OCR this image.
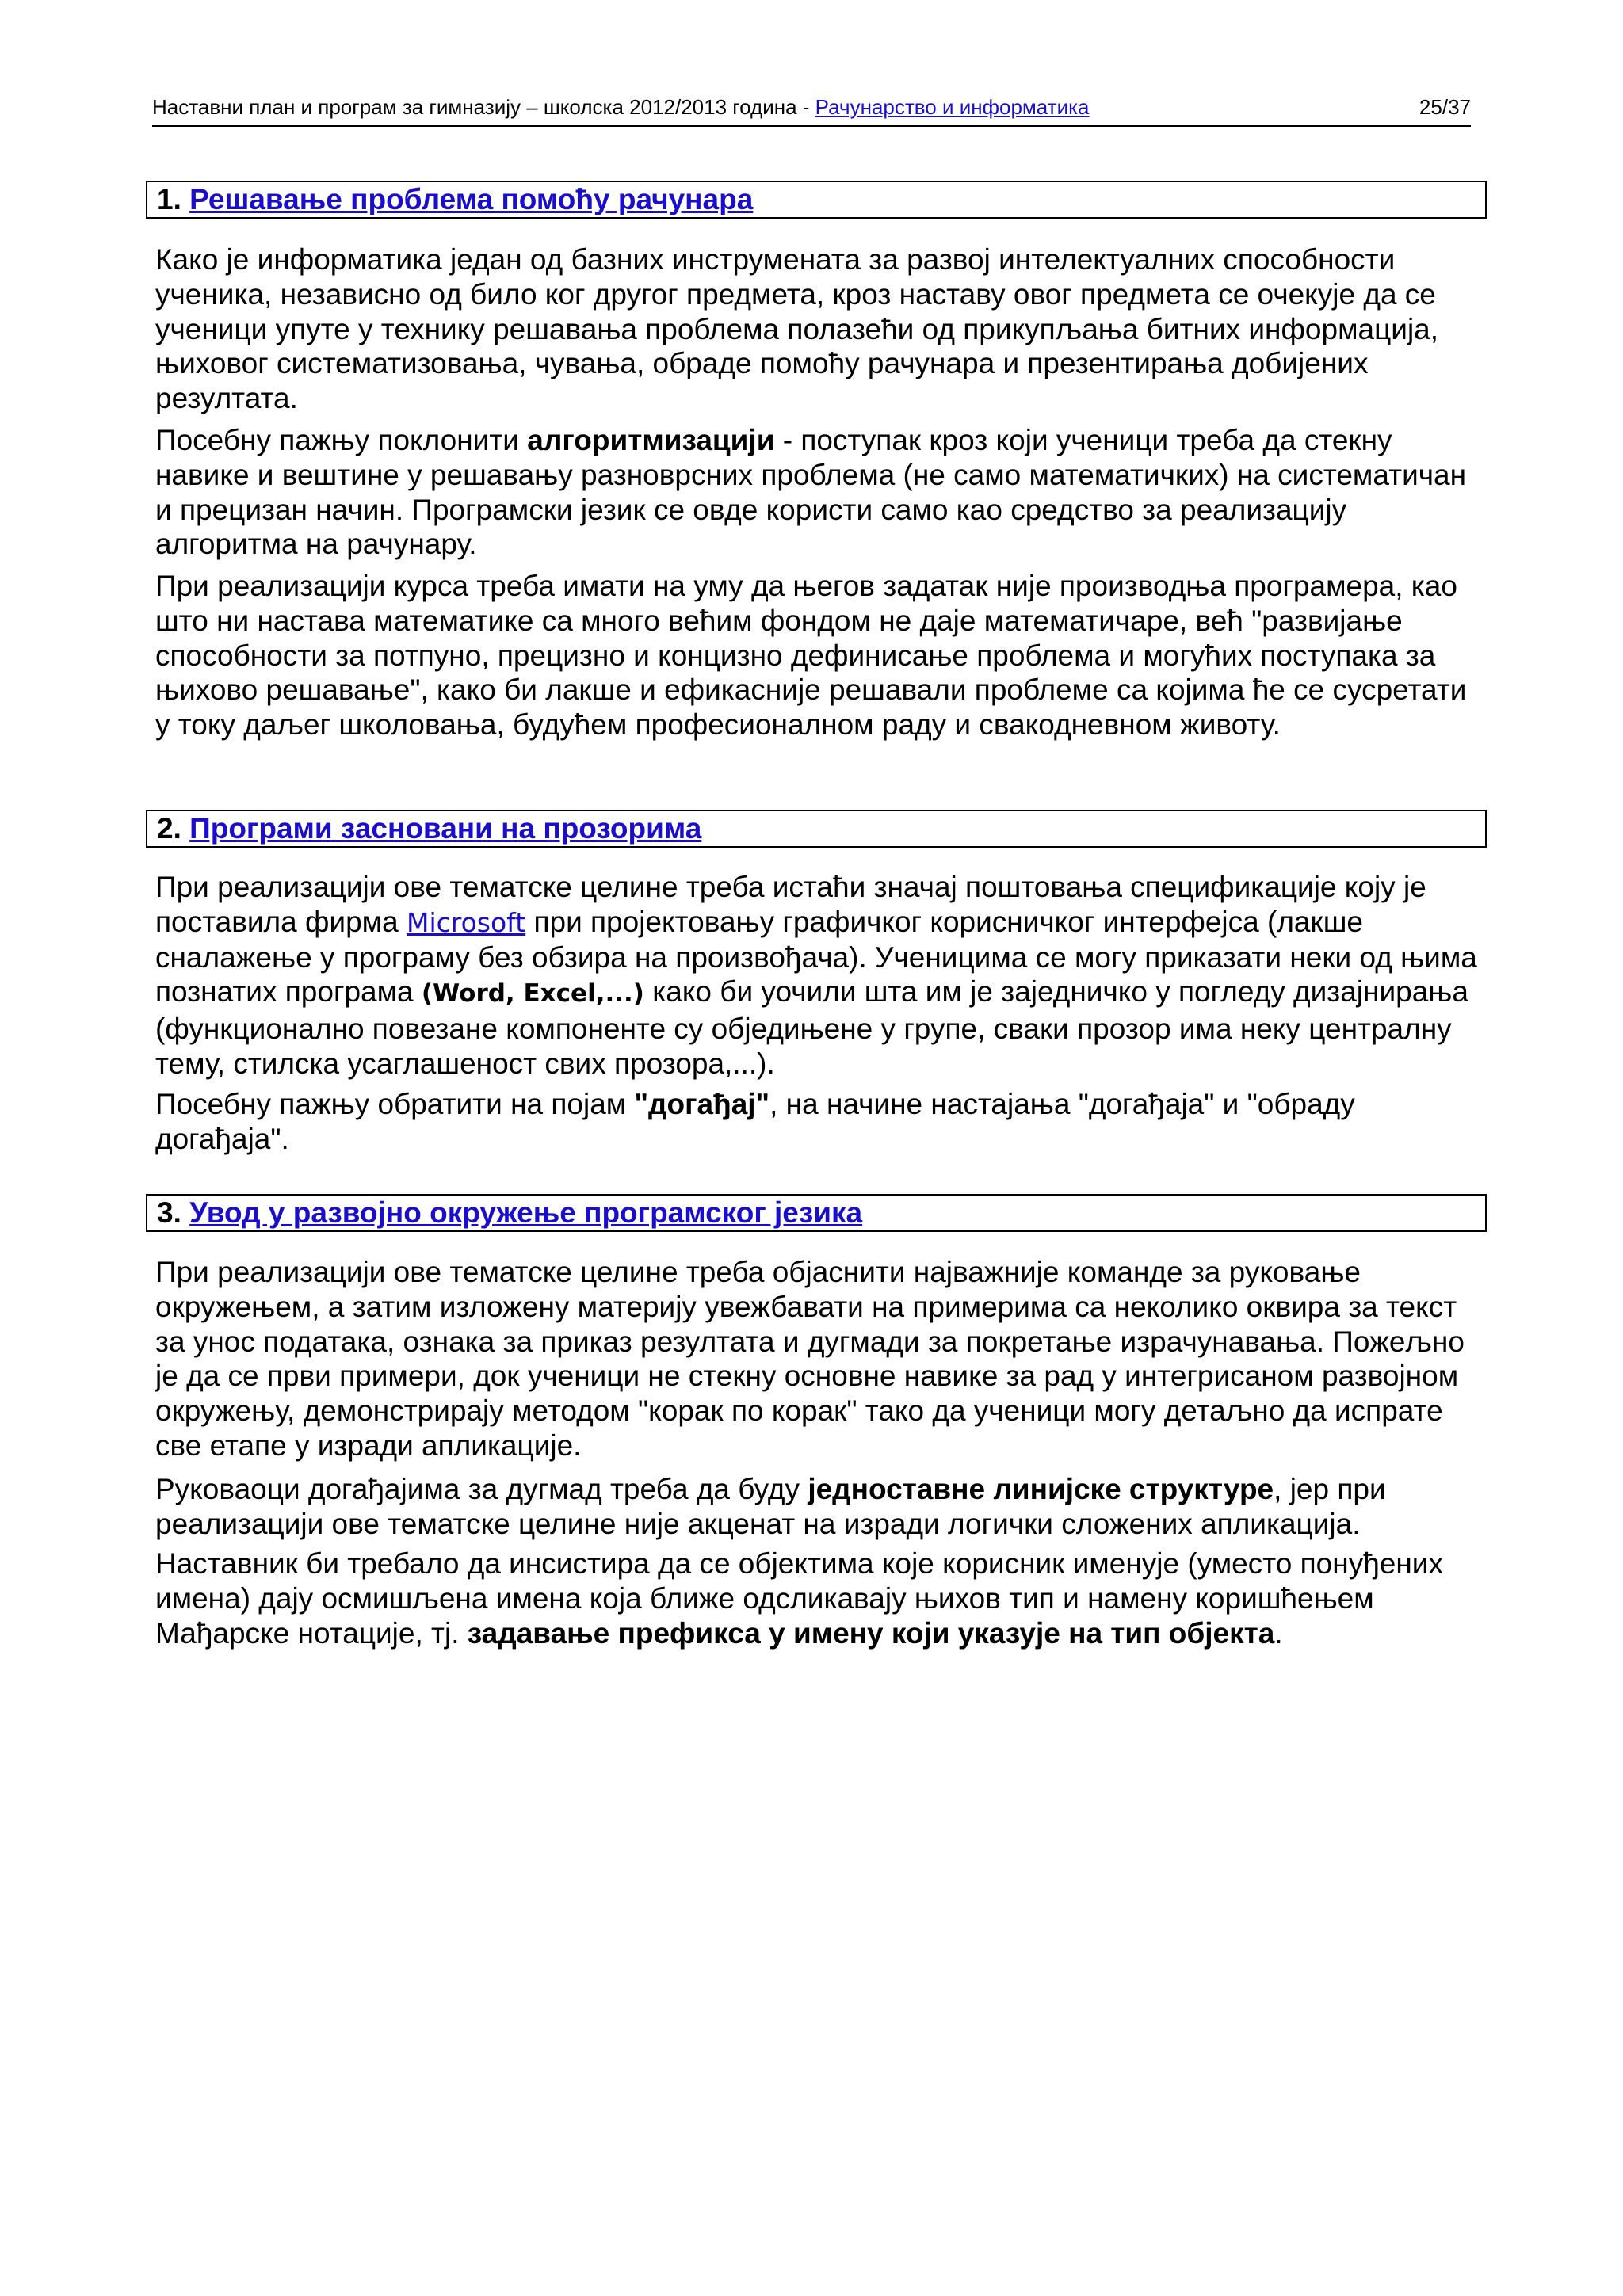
Наставни план и програм за гимназију – школска 2012/2013 година - Рачунарство и информатика	25/37
1. Решавање проблема помоћу рачунара
Како је информатика један од базних инструмената за развој интелектуалних способности ученика, независно од било ког другог предмета, кроз наставу овог предмета се очекује да се ученици упуте у технику решавања проблема полазећи од прикупљања битних информација, њиховог систематизовања, чувања, обраде помоћу рачунара и презентирања добијених резултата.
Посебну пажњу поклонити алгоритмизацији - поступак кроз који ученици треба да стекну навике и вештине у решавању разноврсних проблема (не само математичких) на систематичан и прецизан начин. Програмски језик се овде користи само као средство за реализацију алгоритма на рачунару.
При реализацији курса треба имати на уму да његов задатак није производња програмера, као што ни настава математике са много већим фондом не даје математичаре, већ "развијање способности за потпуно, прецизно и концизно дефинисање проблема и могућих поступака за њихово решавање", како би лакше и ефикасније решавали проблеме са којима ће се сусретати у току даљег школовања, будућем професионалном раду и свакодневном животу.
2. Програми засновани на прозорима
При реализацији ове тематске целине треба истаћи значај поштовања спецификације коју је поставила фирма Microsoft при пројектовању графичког корисничког интерфејса (лакше сналажење у програму без обзира на произвођача). Ученицима се могу приказати неки од њима познатих програма (Word, Excel,...) како би уочили шта им је заједничко у погледу дизајнирања (функционално повезане компоненте су обједињене у групе, сваки прозор има неку централну тему, стилска усаглашеност свих прозора,...).
Посебну пажњу обратити на појам "догађај", на начине настајања "догађаја" и "обраду догађаја".
3. Увод у развојно окружење програмског језика
При реализацији ове тематске целине треба објаснити најважније команде за руковање окружењем, а затим изложену материју увежбавати на примерима са неколико оквира за текст за унос података, ознака за приказ резултата и дугмади за покретање израчунавања. Пожељно је да се први примери, док ученици не стекну основне навике за рад у интегрисаном развојном окружењу, демонстрирају методом "корак по корак" тако да ученици могу детаљно да испрате све етапе у изради апликације.
Руковаоци догађајима за дугмад треба да буду једноставне линијске структуре, јер при реализацији ове тематске целине није акценат на изради логички сложених апликација.
Наставник би требало да инсистира да се објектима које корисник именује (уместо понуђених имена) дају осмишљена имена која ближе одсликавају њихов тип и намену коришћењем Мађарске нотације, тј. задавање префикса у имену који указује на тип објекта.
